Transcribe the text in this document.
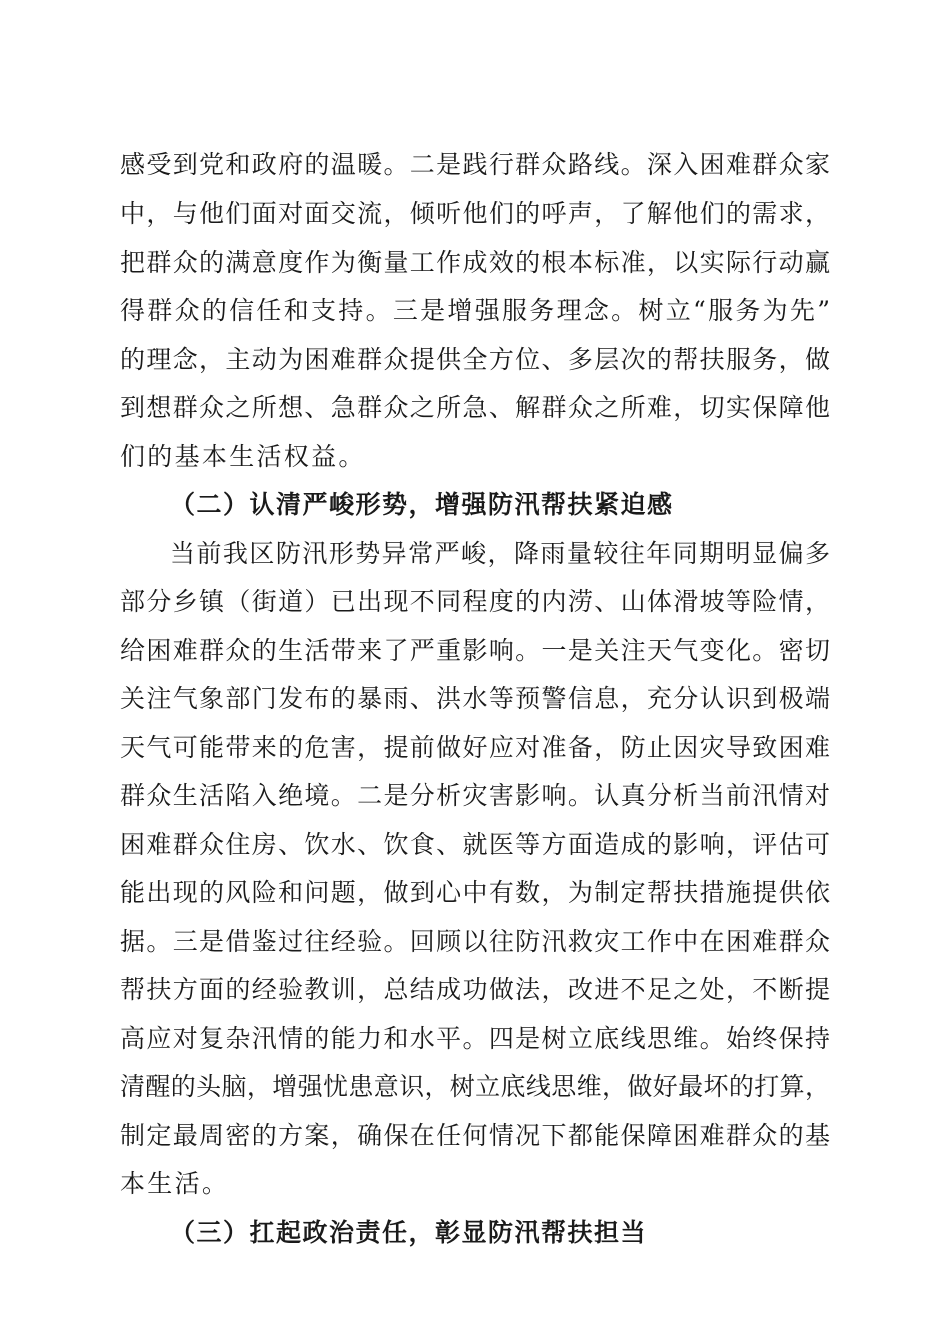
感受到党和政府的温暖。二是践行群众路线。深入困难群众家
中，与他们面对面交流，倾听他们的呼声，了解他们的需求，
把群众的满意度作为衡量工作成效的根本标准，以实际行动赢
得群众的信任和支持。三是增强服务理念。树立“服务为先”
的理念，主动为困难群众提供全方位、多层次的帮扶服务，做
到想群众之所想、急群众之所急、解群众之所难，切实保障他
们的基本生活权益。
（二）认清严峻形势，增强防汛帮扶紧迫感
当前我区防汛形势异常严峻，降雨量较往年同期明显偏多
部分乡镇（街道）已出现不同程度的内涝、山体滑坡等险情，
给困难群众的生活带来了严重影响。一是关注天气变化。密切
关注气象部门发布的暴雨、洪水等预警信息，充分认识到极端
天气可能带来的危害，提前做好应对准备，防止因灾导致困难
群众生活陷入绝境。二是分析灾害影响。认真分析当前汛情对
困难群众住房、饮水、饮食、就医等方面造成的影响，评估可
能出现的风险和问题，做到心中有数，为制定帮扶措施提供依
据。三是借鉴过往经验。回顾以往防汛救灾工作中在困难群众
帮扶方面的经验教训，总结成功做法，改进不足之处，不断提
高应对复杂汛情的能力和水平。四是树立底线思维。始终保持
清醒的头脑，增强忧患意识，树立底线思维，做好最坏的打算，
制定最周密的方案，确保在任何情况下都能保障困难群众的基
本生活。
（三）扛起政治责任，彰显防汛帮扶担当
